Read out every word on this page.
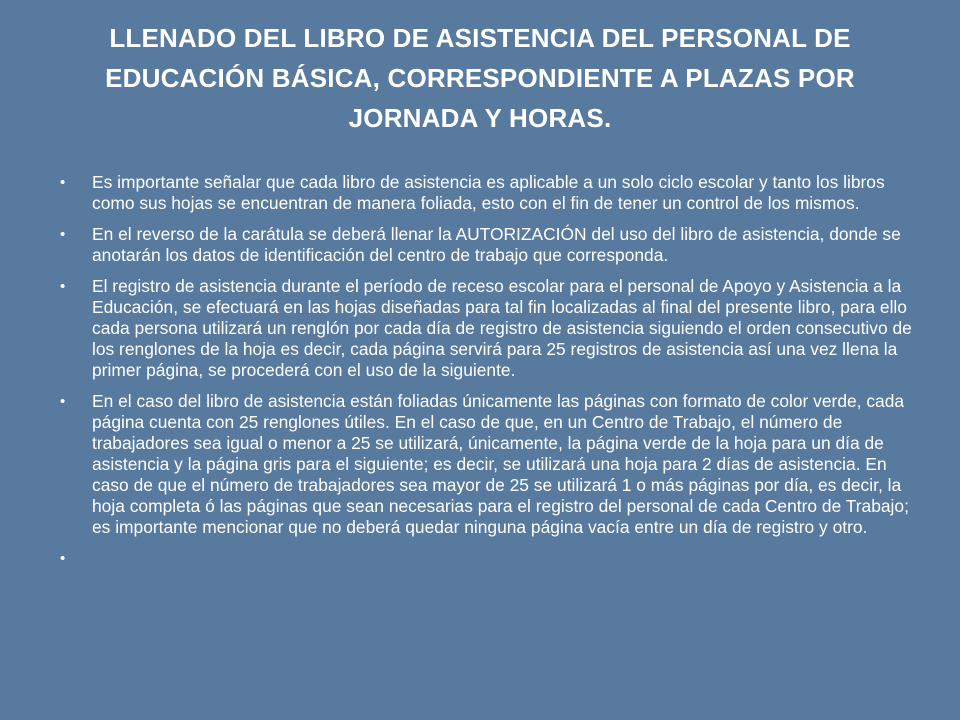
LLENADO DEL LIBRO DE ASISTENCIA DEL PERSONAL DE EDUCACIÓN BÁSICA, CORRESPONDIENTE A PLAZAS POR JORNADA Y HORAS.
• Es importante señalar que cada libro de asistencia es aplicable a un solo ciclo escolar y tanto los libros como sus hojas se encuentran de manera foliada, esto con el fin de tener un control de los mismos.
• En el reverso de la carátula se deberá llenar la AUTORIZACIÓN del uso del libro de asistencia, donde se anotarán los datos de identificación del centro de trabajo que corresponda.
• El registro de asistencia durante el período de receso escolar para el personal de Apoyo y Asistencia a la Educación, se efectuará en las hojas diseñadas para tal fin localizadas al final del presente libro, para ello cada persona utilizará un renglón por cada día de registro de asistencia siguiendo el orden consecutivo de los renglones de la hoja es decir, cada página servirá para 25 registros de asistencia así una vez llena la primer página, se procederá con el uso de la siguiente.
• En el caso del libro de asistencia están foliadas únicamente las páginas con formato de color verde, cada página cuenta con 25 renglones útiles. En el caso de que, en un Centro de Trabajo, el número de trabajadores sea igual o menor a 25 se utilizará, únicamente, la página verde de la hoja para un día de asistencia y la página gris para el siguiente; es decir, se utilizará una hoja para 2 días de asistencia. En caso de que el número de trabajadores sea mayor de 25 se utilizará 1 o más páginas por día, es decir, la hoja completa ó las páginas que sean necesarias para el registro del personal de cada Centro de Trabajo; es importante mencionar que no deberá quedar ninguna página vacía entre un día de registro y otro.
•
